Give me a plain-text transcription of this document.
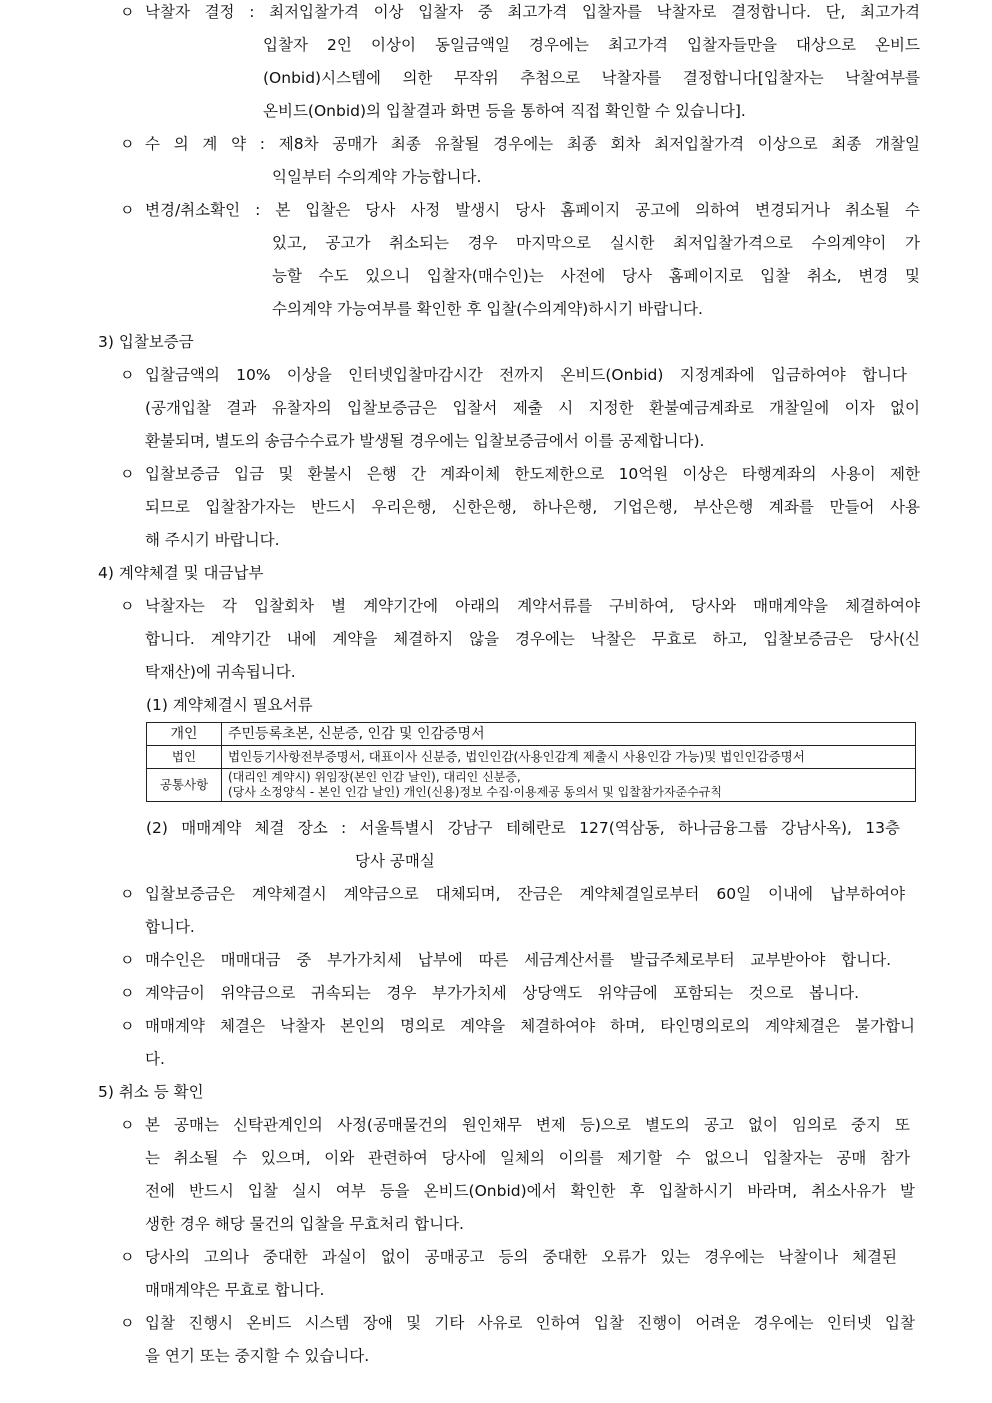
ㅇ 낙찰자 결정 : 최저입찰가격 이상 입찰자 중 최고가격 입찰자를 낙찰자로 결정합니다. 단, 최고가격
입찰자 2인 이상이 동일금액일 경우에는 최고가격 입찰자들만을 대상으로 온비드
(Onbid)시스템에 의한 무작위 추첨으로 낙찰자를 결정합니다[입찰자는 낙찰여부를
온비드(Onbid)의 입찰결과 화면 등을 통하여 직접 확인할 수 있습니다].
ㅇ 수 의 계 약 : 제8차 공매가 최종 유찰될 경우에는 최종 회차 최저입찰가격 이상으로 최종 개찰일
익일부터 수의계약 가능합니다.
ㅇ 변경/취소확인 : 본 입찰은 당사 사정 발생시 당사 홈페이지 공고에 의하여 변경되거나 취소될 수
있고, 공고가 취소되는 경우 마지막으로 실시한 최저입찰가격으로 수의계약이 가
능할 수도 있으니 입찰자(매수인)는 사전에 당사 홈페이지로 입찰 취소, 변경 및
수의계약 가능여부를 확인한 후 입찰(수의계약)하시기 바랍니다.
3) 입찰보증금
ㅇ 입찰금액의 10% 이상을 인터넷입찰마감시간 전까지 온비드(Onbid) 지정계좌에 입금하여야 합니다
(공개입찰 결과 유찰자의 입찰보증금은 입찰서 제출 시 지정한 환불예금계좌로 개찰일에 이자 없이
환불되며, 별도의 송금수수료가 발생될 경우에는 입찰보증금에서 이를 공제합니다).
ㅇ 입찰보증금 입금 및 환불시 은행 간 계좌이체 한도제한으로 10억원 이상은 타행계좌의 사용이 제한
되므로 입찰참가자는 반드시 우리은행, 신한은행, 하나은행, 기업은행, 부산은행 계좌를 만들어 사용
해 주시기 바랍니다.
4) 계약체결 및 대금납부
ㅇ 낙찰자는 각 입찰회차 별 계약기간에 아래의 계약서류를 구비하여, 당사와 매매계약을 체결하여야
합니다. 계약기간 내에 계약을 체결하지 않을 경우에는 낙찰은 무효로 하고, 입찰보증금은 당사(신
탁재산)에 귀속됩니다.
(1) 계약체결시 필요서류
개인	주민등록초본, 신분증, 인감 및 인감증명서
법인	법인등기사항전부증명서, 대표이사 신분증, 법인인감(사용인감계 제출시 사용인감 가능)및 법인인감증명서
공통사항	(대리인 계약시) 위임장(본인 인감 날인), 대리인 신분증,
(당사 소정양식 - 본인 인감 날인) 개인(신용)정보 수집·이용제공 동의서 및 입찰참가자준수규칙
(2) 매매계약 체결 장소 : 서울특별시 강남구 테헤란로 127(역삼동, 하나금융그룹 강남사옥), 13층
당사 공매실
ㅇ 입찰보증금은 계약체결시 계약금으로 대체되며, 잔금은 계약체결일로부터 60일 이내에 납부하여야
합니다.
ㅇ 매수인은 매매대금 중 부가가치세 납부에 따른 세금계산서를 발급주체로부터 교부받아야 합니다.
ㅇ 계약금이 위약금으로 귀속되는 경우 부가가치세 상당액도 위약금에 포함되는 것으로 봅니다.
ㅇ 매매계약 체결은 낙찰자 본인의 명의로 계약을 체결하여야 하며, 타인명의로의 계약체결은 불가합니
다.
5) 취소 등 확인
ㅇ 본 공매는 신탁관계인의 사정(공매물건의 원인채무 변제 등)으로 별도의 공고 없이 임의로 중지 또
는 취소될 수 있으며, 이와 관련하여 당사에 일체의 이의를 제기할 수 없으니 입찰자는 공매 참가
전에 반드시 입찰 실시 여부 등을 온비드(Onbid)에서 확인한 후 입찰하시기 바라며, 취소사유가 발
생한 경우 해당 물건의 입찰을 무효처리 합니다.
ㅇ 당사의 고의나 중대한 과실이 없이 공매공고 등의 중대한 오류가 있는 경우에는 낙찰이나 체결된
매매계약은 무효로 합니다.
ㅇ 입찰 진행시 온비드 시스템 장애 및 기타 사유로 인하여 입찰 진행이 어려운 경우에는 인터넷 입찰
을 연기 또는 중지할 수 있습니다.
